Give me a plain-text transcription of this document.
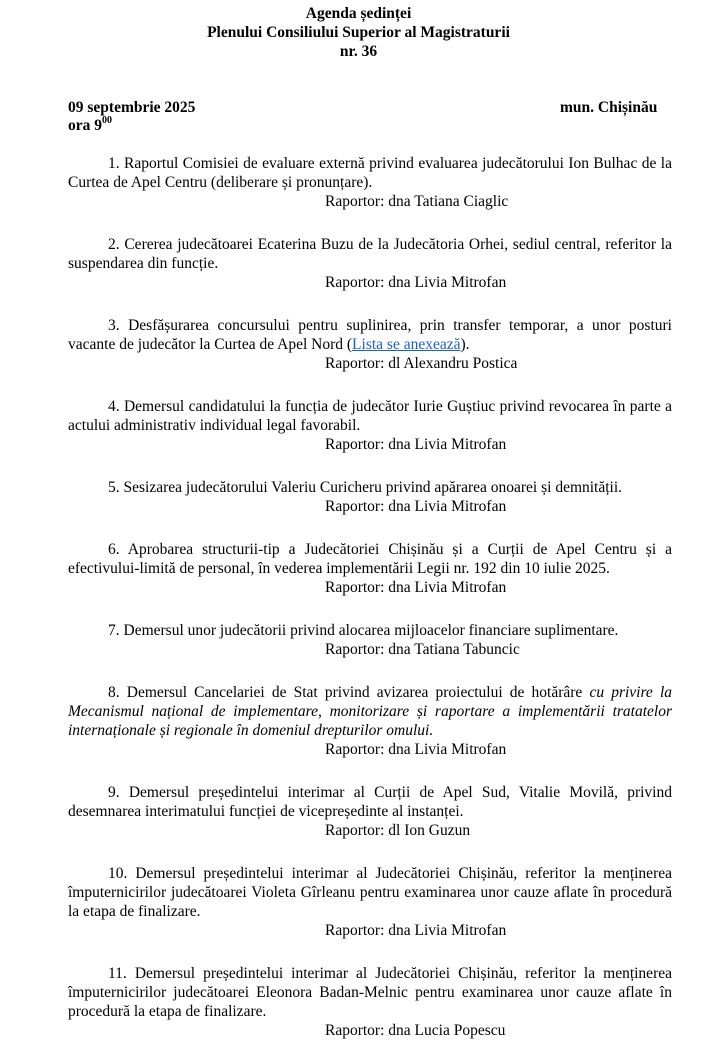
Agenda ședinței
Plenului Consiliului Superior al Magistraturii
nr. 36
09 septembrie 2025
ora $9^{00}$
mun. Chișinău

1. Raportul Comisiei de evaluare externă privind evaluarea judecătorului Ion Bulhac de la Curtea de Apel Centru (deliberare și pronunțare).

Raportor: dna Tatiana Ciaglic

2. Cererea judecătoarei Ecaterina Buzu de la Judecătoria Orhei, sediul central, referitor la suspendarea din funcție.

Raportor: dna Livia Mitrofan

3. Desfășurarea concursului pentru suplinirea, prin transfer temporar, a unor posturi vacante de judecător la Curtea de Apel Nord (Lista se anexează).

Raportor: dl Alexandru Postica

4. Demersul candidatului la funcția de judecător Iurie Guștiuc privind revocarea în parte a actului administrativ individual legal favorabil.

Raportor: dna Livia Mitrofan

5. Sesizarea judecătorului Valeriu Curicheru privind apărarea onoarei și demnității.

Raportor: dna Livia Mitrofan

6. Aprobarea structurii-tip a Judecătoriei Chișinău și a Curții de Apel Centru și a efectivului-limită de personal, în vederea implementării Legii nr. 192 din 10 iulie 2025.

Raportor: dna Livia Mitrofan

7. Demersul unor judecătorii privind alocarea mijloacelor financiare suplimentare.

Raportor: dna Tatiana Tabuncic

8. Demersul Cancelariei de Stat privind avizarea proiectului de hotărâre cu privire la Mecanismul național de implementare, monitorizare și raportare a implementării tratatelor internaționale și regionale în domeniul drepturilor omului.

Raportor: dna Livia Mitrofan

9. Demersul președintelui interimar al Curții de Apel Sud, Vitalie Movilă, privind desemnarea interimatului funcției de vicepreședinte al instanței.

Raportor: dl Ion Guzun

10. Demersul președintelui interimar al Judecătoriei Chișinău, referitor la menținerea împuternicirilor judecătoarei Violeta Gîrleanu pentru examinarea unor cauze aflate în procedură la etapa de finalizare.

Raportor: dna Livia Mitrofan

11. Demersul președintelui interimar al Judecătoriei Chișinău, referitor la menținerea împuternicirilor judecătoarei Eleonora Badan-Melnic pentru examinarea unor cauze aflate în procedură la etapa de finalizare.

Raportor: dna Lucia Popescu
